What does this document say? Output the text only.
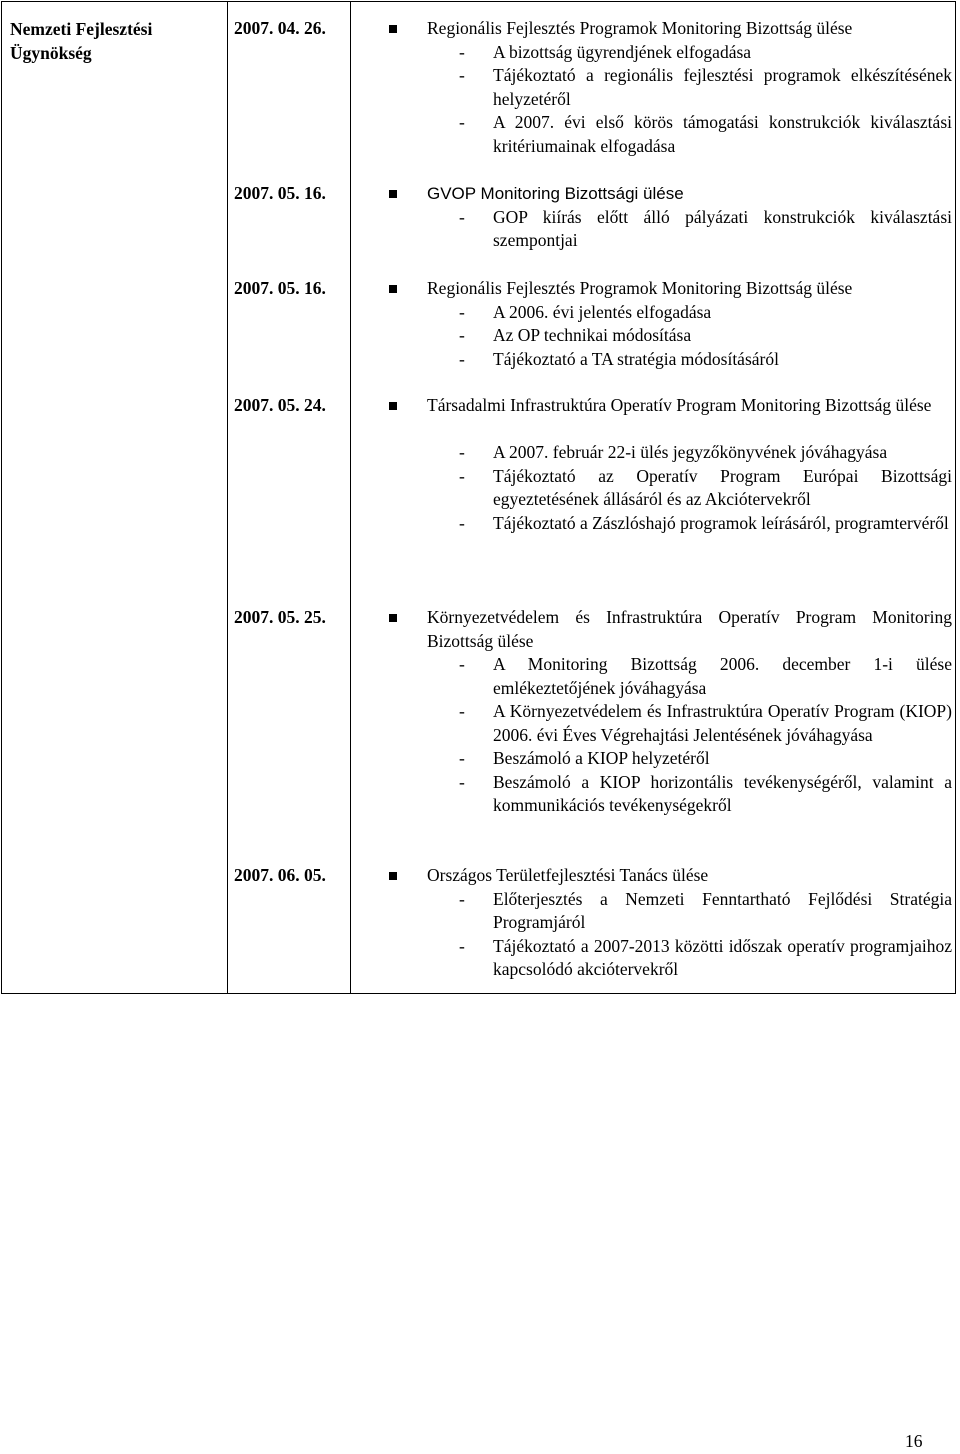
Nemzeti Fejlesztési Ügynökség
2007. 04. 26.	Regionális Fejlesztés Programok Monitoring Bizottság ülése
- A bizottság ügyrendjének elfogadása
- Tájékoztató a regionális fejlesztési programok elkészítésének helyzetéről
- A 2007. évi első körös támogatási konstrukciók kiválasztási kritériumainak elfogadása
2007. 05. 16.	GVOP Monitoring Bizottsági ülése
- GOP kiírás előtt álló pályázati konstrukciók kiválasztási szempontjai
2007. 05. 16.	Regionális Fejlesztés Programok Monitoring Bizottság ülése
- A 2006. évi jelentés elfogadása
- Az OP technikai módosítása
- Tájékoztató a TA stratégia módosításáról
2007. 05. 24.	Társadalmi Infrastruktúra Operatív Program Monitoring Bizottság ülése
- A 2007. február 22-i ülés jegyzőkönyvének jóváhagyása
- Tájékoztató az Operatív Program Európai Bizottsági egyeztetésének állásáról és az Akciótervekről
- Tájékoztató a Zászlóshajó programok leírásáról, programtervéről
2007. 05. 25.	Környezetvédelem és Infrastruktúra Operatív Program Monitoring Bizottság ülése
- A Monitoring Bizottság 2006. december 1-i ülése emlékeztetőjének jóváhagyása
- A Környezetvédelem és Infrastruktúra Operatív Program (KIOP) 2006. évi Éves Végrehajtási Jelentésének jóváhagyása
- Beszámoló a KIOP helyzetéről
- Beszámoló a KIOP horizontális tevékenységéről, valamint a kommunikációs tevékenységekről
2007. 06. 05.	Országos Területfejlesztési Tanács ülése
- Előterjesztés a Nemzeti Fenntartható Fejlődési Stratégia Programjáról
- Tájékoztató a 2007-2013 közötti időszak operatív programjaihoz kapcsolódó akciótervekről
16
